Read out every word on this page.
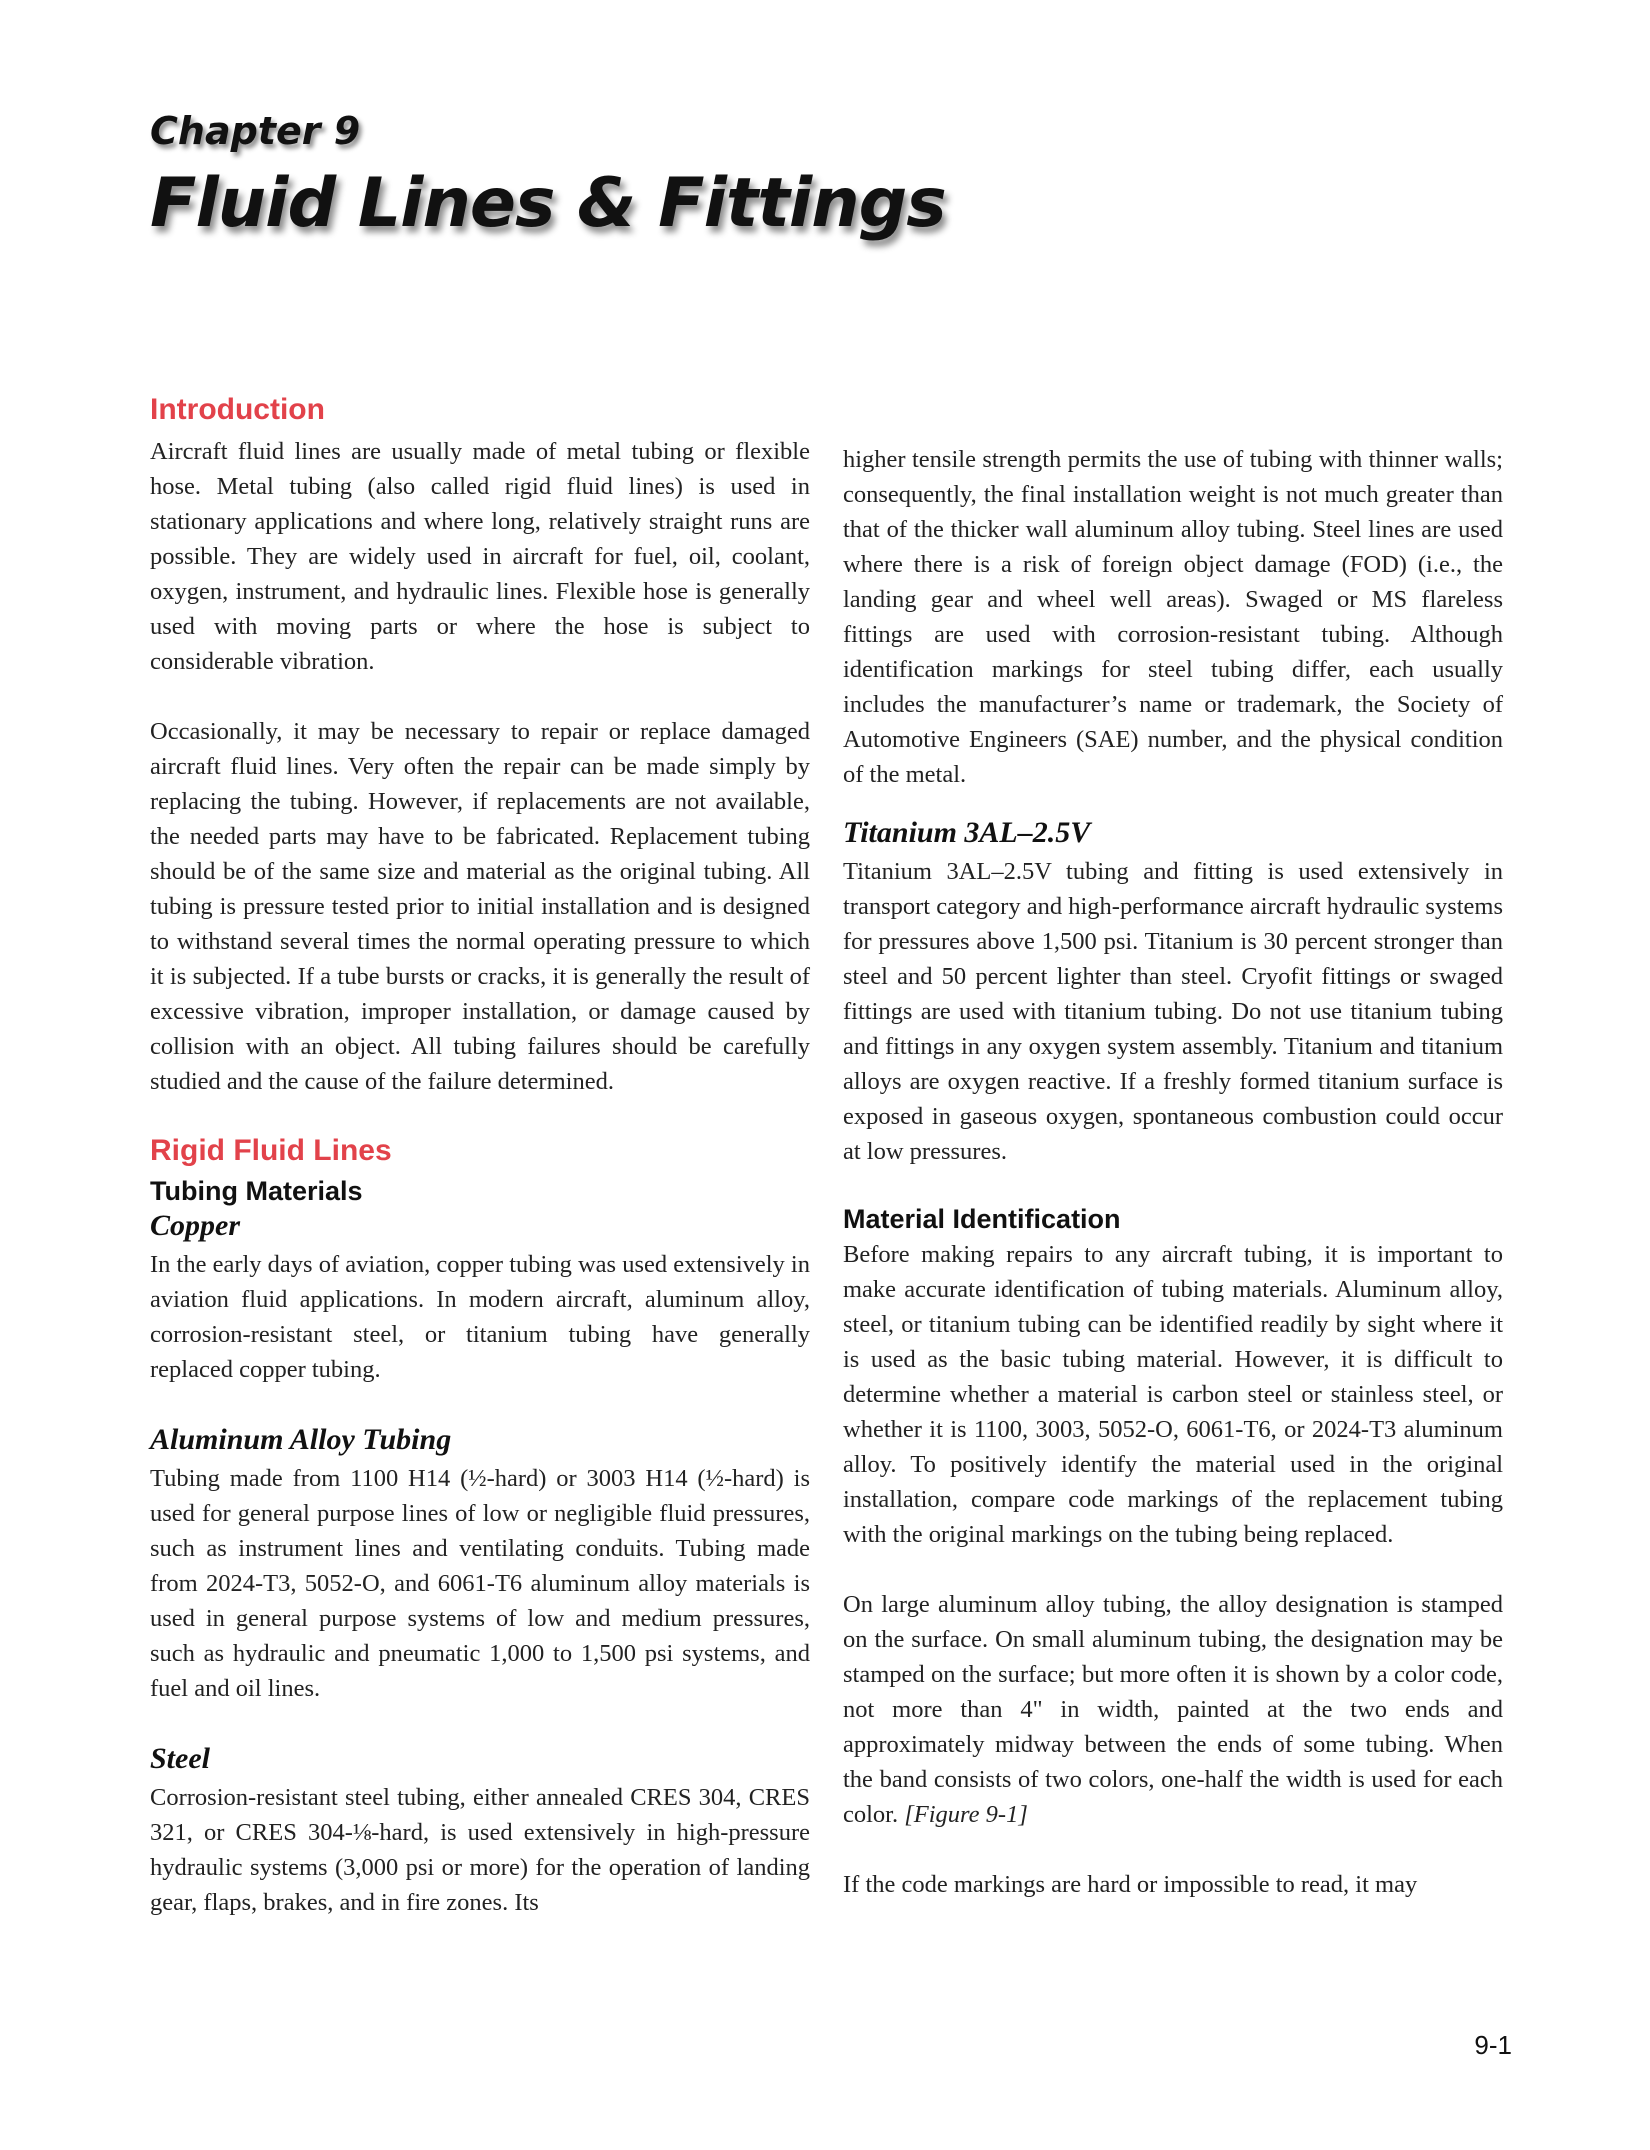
Chapter 9
Fluid Lines & Fittings
Introduction

Aircraft fluid lines are usually made of metal tubing or flexible hose. Metal tubing (also called rigid fluid lines) is used in stationary applications and where long, relatively straight runs are possible. They are widely used in aircraft for fuel, oil, coolant, oxygen, instrument, and hydraulic lines. Flexible hose is generally used with moving parts or where the hose is subject to considerable vibration.

Occasionally, it may be necessary to repair or replace damaged aircraft fluid lines. Very often the repair can be made simply by replacing the tubing. However, if replacements are not available, the needed parts may have to be fabricated. Replacement tubing should be of the same size and material as the original tubing. All tubing is pressure tested prior to initial installation and is designed to withstand several times the normal operating pressure to which it is subjected. If a tube bursts or cracks, it is generally the result of excessive vibration, improper installation, or damage caused by collision with an object. All tubing failures should be carefully studied and the cause of the failure determined.

Rigid Fluid Lines
Tubing Materials
Copper

In the early days of aviation, copper tubing was used extensively in aviation fluid applications. In modern aircraft, aluminum alloy, corrosion-resistant steel, or titanium tubing have generally replaced copper tubing.

Aluminum Alloy Tubing

Tubing made from 1100 H14 (½-hard) or 3003 H14 (½-hard) is used for general purpose lines of low or negligible fluid pressures, such as instrument lines and ventilating conduits. Tubing made from 2024-T3, 5052-O, and 6061-T6 aluminum alloy materials is used in general purpose systems of low and medium pressures, such as hydraulic and pneumatic 1,000 to 1,500 psi systems, and fuel and oil lines.

Steel

Corrosion-resistant steel tubing, either annealed CRES 304, CRES 321, or CRES 304-⅛-hard, is used extensively in high-pressure hydraulic systems (3,000 psi or more) for the operation of landing gear, flaps, brakes, and in fire zones. Its

higher tensile strength permits the use of tubing with thinner walls; consequently, the final installation weight is not much greater than that of the thicker wall aluminum alloy tubing. Steel lines are used where there is a risk of foreign object damage (FOD) (i.e., the landing gear and wheel well areas). Swaged or MS flareless fittings are used with corrosion-resistant tubing. Although identification markings for steel tubing differ, each usually includes the manufacturer’s name or trademark, the Society of Automotive Engineers (SAE) number, and the physical condition of the metal.

Titanium 3AL–2.5V

Titanium 3AL–2.5V tubing and fitting is used extensively in transport category and high-performance aircraft hydraulic systems for pressures above 1,500 psi. Titanium is 30 percent stronger than steel and 50 percent lighter than steel. Cryofit fittings or swaged fittings are used with titanium tubing. Do not use titanium tubing and fittings in any oxygen system assembly. Titanium and titanium alloys are oxygen reactive. If a freshly formed titanium surface is exposed in gaseous oxygen, spontaneous combustion could occur at low pressures.

Material Identification

Before making repairs to any aircraft tubing, it is important to make accurate identification of tubing materials. Aluminum alloy, steel, or titanium tubing can be identified readily by sight where it is used as the basic tubing material. However, it is difficult to determine whether a material is carbon steel or stainless steel, or whether it is 1100, 3003, 5052-O, 6061-T6, or 2024-T3 aluminum alloy. To positively identify the material used in the original installation, compare code markings of the replacement tubing with the original markings on the tubing being replaced.

On large aluminum alloy tubing, the alloy designation is stamped on the surface. On small aluminum tubing, the designation may be stamped on the surface; but more often it is shown by a color code, not more than 4" in width, painted at the two ends and approximately midway between the ends of some tubing. When the band consists of two colors, one-half the width is used for each color. [Figure 9-1]

If the code markings are hard or impossible to read, it may

9-1
